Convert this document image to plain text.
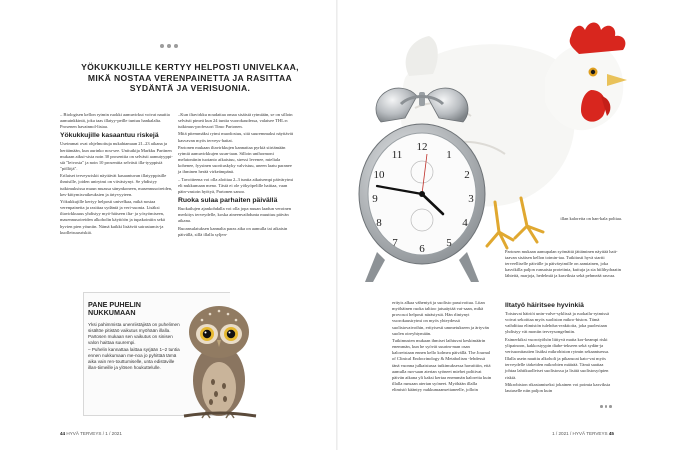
YÖKUKKUJILLE KERTYY HELPOSTI UNIVELKAA,
MIKÄ NOSTAA VERENPAINETTA JA RASITTAA
SYDÄNTÄ JA VERISUONIA.

– Biologisen kellon rytmin ruokki aamuvirkut voivat nauttia aamuinkkintä, joka taas illatyy-peille tuntuu hankalalta. Prosenen havainnol-listaa.

Yökukkujille kasaantuu riskejä

Useimmat ovat ohjelmoituja nukahtamaan 21–23 aikana ja heräämään, kun aurinko nou-see. Unitutkija Markku Partinen mukaan aikui-sista noin 30 prosenttia on selvästi aamutyyppi-sià "leivosia" ja noin 10 prosenttia selvästi illa-tyyppisiä "pöllöjä".

Erilaiset terveysriskit näyttävät kasaantuvan illatyyppisille ihmisille, joiden unirytmi on viivästynyt. Se yhdistyy tutkimuksissa muun muassa sänynkoneen, masennusoireiden, kes-kittymisvaikeuksien ja ärtyvyyteen.

Yökukkujille kertyy helposti univelkaa, mikä nostaa verenpainetta ja rasittaa sydäntä ja veri-suonia. Lisäksi iltavirkkuuus yhdistyy myö-häiseen ilta- ja yösyömiseen, masennusoireiden alkoholin käyttöön ja tupakointiin sekä hyvien pien yöuniin. Nämä kaikki lisäävät sairastumis-ja kuolleisuusriskiä.

–Kun iltavirkku noudattaa omaa sisäistä rytmiään, se on silloin selvästi pimeä kun 24 tuntia vuorokaudessa, valaisee THL:n tutkimus-professori Timo Partonen.

Mitä pitemmäksi rytmi muodostuu, sitä suuremmaksi näyttävät kasvavan myös terveys-haitat.

Partonen mukaan iltavirkkujen kannattaa pyrkiä siirtämään rytmiä aamuvirkkujen suun-taan. Silloin unihormoni melatoniinin tuotanto aikaistuu, stressi levenee, mieliala kohenee, fyysinen suorituskyky valvistuu, uneen laatu paranee ja ihminen herää virkeämpänä.

– Tavoitteena voi olla aloittaa 2–3 tuntia aikaisempi päivärytmi eli nukkumaan meno. Tästä ei ole yökyöpelille haittaa, vaan päin-vastoin hyötyä, Partonen sanoo.

Ruoka sulaa parhaiten päivällä

Ruokailujen ajankohdalla voi olla jopa nuuan laadun veroinen merkitys terveydelle, koska aineenvaihdunta muuttuu päivän aikana.

Ruoansulatuksen kannalta paras aika on aamulla tai aikaisin päivällä, sillä illalla syljen-

PANE PUHELIN
NUKKUMAAN

Yksi pahimmista unenriistäjistä on puhelimen sisältöe pitistäö vaikutus myöhään illalla. Partosen mukaan sen vaikutus on sinisen valon haittaa suurempi.

– Puhelin kannattaa laittaa syrjään 1–2 tuntia ennen nukkumaan me-noa jo pyhittää tämä aika vain ren-touttumiselle, unta edistäville illan-tiimeille ja ylösen houkuttelulle.

12
1
2
3
4
5
6
7
8
9
10
11
illan kaloreita on han-kala polttaa.
Partosen mukaan aamupalan syömättä jättäminen näyttää hait-taavan sisäisen kellon toimin-taa. Tutkitusti hyvä startti terveelliselle päivälle ja päivärytmille on aamiainen, joka kasvikilla paljon runsaista proteiinia, kuituja ja sia hiilihydraatin lähteitä, marjoja, hedelmiä ja kasviksia sekä pehmeää rasvaa.

erityis alkaa vähentyä ja suolisto passivoitua. Liian myöhäinen ruoka taltioo jatsaäytää vat-saan, mikä provosoi helposti närästystä. Hän rlintynyt vuorokausirytmi on myös yhteydessä suolistovaivoihin, erityisesti ummetukseen ja ärtyvän suolen oireyhtymään.

Tutkimusten mukaan ihmiset laihtuvat keskimäärin enemmän, kun he syövät suurim-man osan kaloreistaan ennen kello kolmea päivällä. The Journal of Clinical Endocrinology & Metabolism -lehdessä tänä vuonna julkaistussa tutkimuksessa havaittiin, että aamulla run-saan aterian syöneet miehet polttivat päivän aikana yli kaksi kertaa enemmän kaloreita kuin illalla runsaan aterian syöneet. Myöhään illalla elimistö kääntyy nukkumaansettaneelle, jolloin

Iltatyö häiritsee hyvinkiä

Toistuvat häiriöt unin-valve-syklissä ja ruokailu-rytmissä voivat sekoittaa myös suoliston mikro-biston. Tämä vaihdittaa elimistön tulehdus-reaktioita, joka puolestaan yhdistyy vät moniin terveysongelmiin.

Esimerkiksi vuorotyöhön liittyvä matta kor-keampi riski ylipainoon, kakkostyypin diabe-tekseen sekä sydän-ja verisuonitautien lisäksi mikrobiston rytmin sekaantuessa.

Illalla usein nauttiu alkoholi ja pikaruoat kato-vat myös terveydelle tärkeiden mikrobien määrää. Tämä saattaa johtaa lahtikuolleiset suolistossa ja lisätä suolistosyöpien riskiä.

Mikrobiston rikastamiseksi jokainen voi poimia kasviksia lautaselle niin paljon kuin

44 HYVÄ TERVEYS / 1 / 2021	1 / 2021 / HYVÄ TERVEYS 45
